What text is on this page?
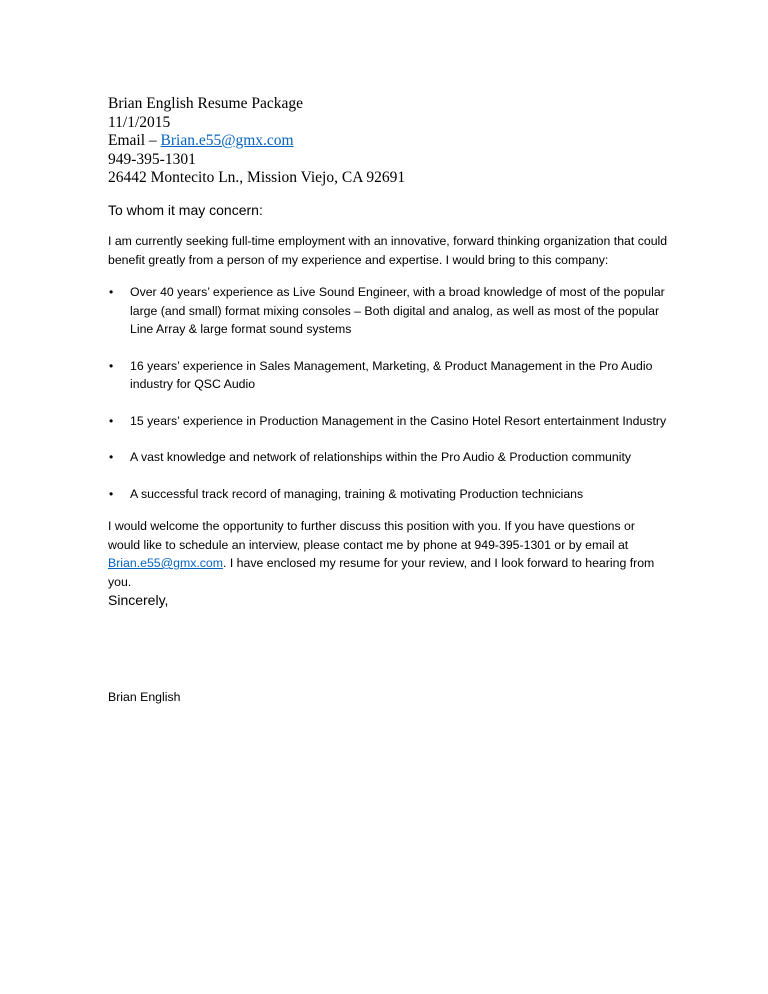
Brian English Resume Package
11/1/2015
Email – Brian.e55@gmx.com
949-395-1301
26442 Montecito Ln., Mission Viejo, CA 92691

To whom it may concern:

I am currently seeking full-time employment with an innovative, forward thinking organization that could benefit greatly from a person of my experience and expertise. I would bring to this company:

• Over 40 years’ experience as Live Sound Engineer, with a broad knowledge of most of the popular large (and small) format mixing consoles – Both digital and analog, as well as most of the popular Line Array & large format sound systems
• 16 years’ experience in Sales Management, Marketing, & Product Management in the Pro Audio industry for QSC Audio
• 15 years’ experience in Production Management in the Casino Hotel Resort entertainment Industry
• A vast knowledge and network of relationships within the Pro Audio & Production community
• A successful track record of managing, training & motivating Production technicians

I would welcome the opportunity to further discuss this position with you. If you have questions or would like to schedule an interview, please contact me by phone at 949-395-1301 or by email at Brian.e55@gmx.com. I have enclosed my resume for your review, and I look forward to hearing from you.

Sincerely,

Brian English
